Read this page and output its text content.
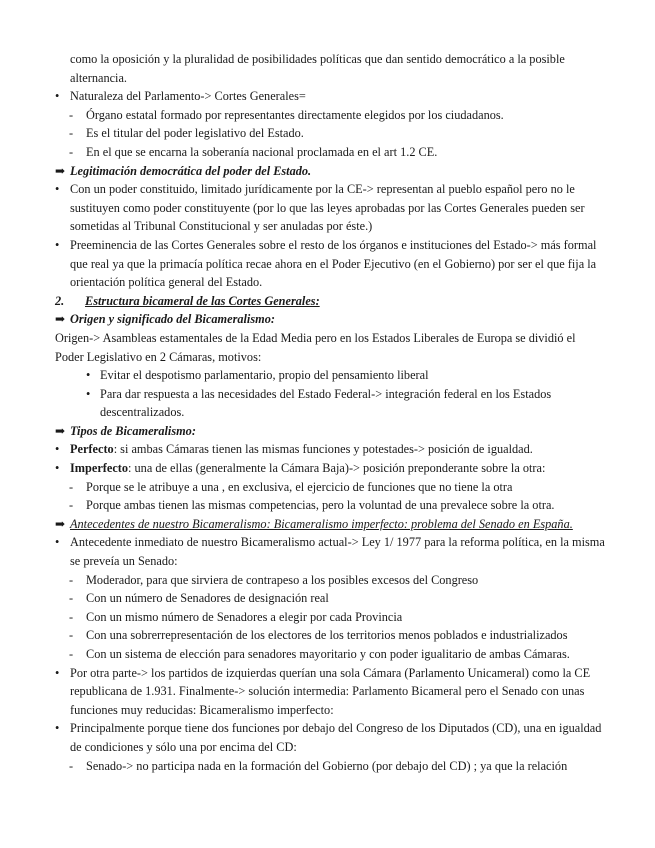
como la oposición y la pluralidad de posibilidades políticas que dan sentido democrático a la posible alternancia.

• Naturaleza del Parlamento-> Cortes Generales=

- Órgano estatal formado por representantes directamente elegidos por los ciudadanos.

- Es el titular del poder legislativo del Estado.

- En el que se encarna la soberanía nacional proclamada en el art 1.2 CE.

➡ Legitimación democrática del poder del Estado.

• Con un poder constituido, limitado jurídicamente por la CE-> representan al pueblo español pero no le sustituyen como poder constituyente (por lo que las leyes aprobadas por las Cortes Generales pueden ser sometidas al Tribunal Constitucional y ser anuladas por éste.)

• Preeminencia de las Cortes Generales sobre el resto de los órganos e instituciones del Estado-> más formal que real ya que la primacía política recae ahora en el Poder Ejecutivo (en el Gobierno) por ser el que fija la orientación política general del Estado.

2. Estructura bicameral de las Cortes Generales:

➡ Origen y significado del Bicameralismo:

Origen-> Asambleas estamentales de la Edad Media pero en los Estados Liberales de Europa se dividió el Poder Legislativo en 2 Cámaras, motivos:

• Evitar el despotismo parlamentario, propio del pensamiento liberal

• Para dar respuesta a las necesidades del Estado Federal-> integración federal en los Estados descentralizados.

➡ Tipos de Bicameralismo:

• Perfecto: si ambas Cámaras tienen las mismas funciones y potestades-> posición de igualdad.

• Imperfecto: una de ellas (generalmente la Cámara Baja)-> posición preponderante sobre la otra:

- Porque se le atribuye a una , en exclusiva, el ejercicio de funciones que no tiene la otra

- Porque ambas tienen las mismas competencias, pero la voluntad de una prevalece sobre la otra.

➡ Antecedentes de nuestro Bicameralismo: Bicameralismo imperfecto: problema del Senado en España.

• Antecedente inmediato de nuestro Bicameralismo actual-> Ley 1/ 1977 para la reforma política, en la misma se preveía un Senado:

- Moderador, para que sirviera de contrapeso a los posibles excesos del Congreso

- Con un número de Senadores de designación real

- Con un mismo número de Senadores a elegir por cada Provincia

- Con una sobrerrepresentación de los electores de los territorios menos poblados e industrializados

- Con un sistema de elección para senadores mayoritario y con poder igualitario de ambas Cámaras.

• Por otra parte-> los partidos de izquierdas querían una sola Cámara (Parlamento Unicameral) como la CE republicana de 1.931. Finalmente-> solución intermedia: Parlamento Bicameral pero el Senado con unas funciones muy reducidas: Bicameralismo imperfecto:

• Principalmente porque tiene dos funciones por debajo del Congreso de los Diputados (CD), una en igualdad de condiciones y sólo una por encima del CD:

- Senado-> no participa nada en la formación del Gobierno (por debajo del CD) ; ya que la relación
